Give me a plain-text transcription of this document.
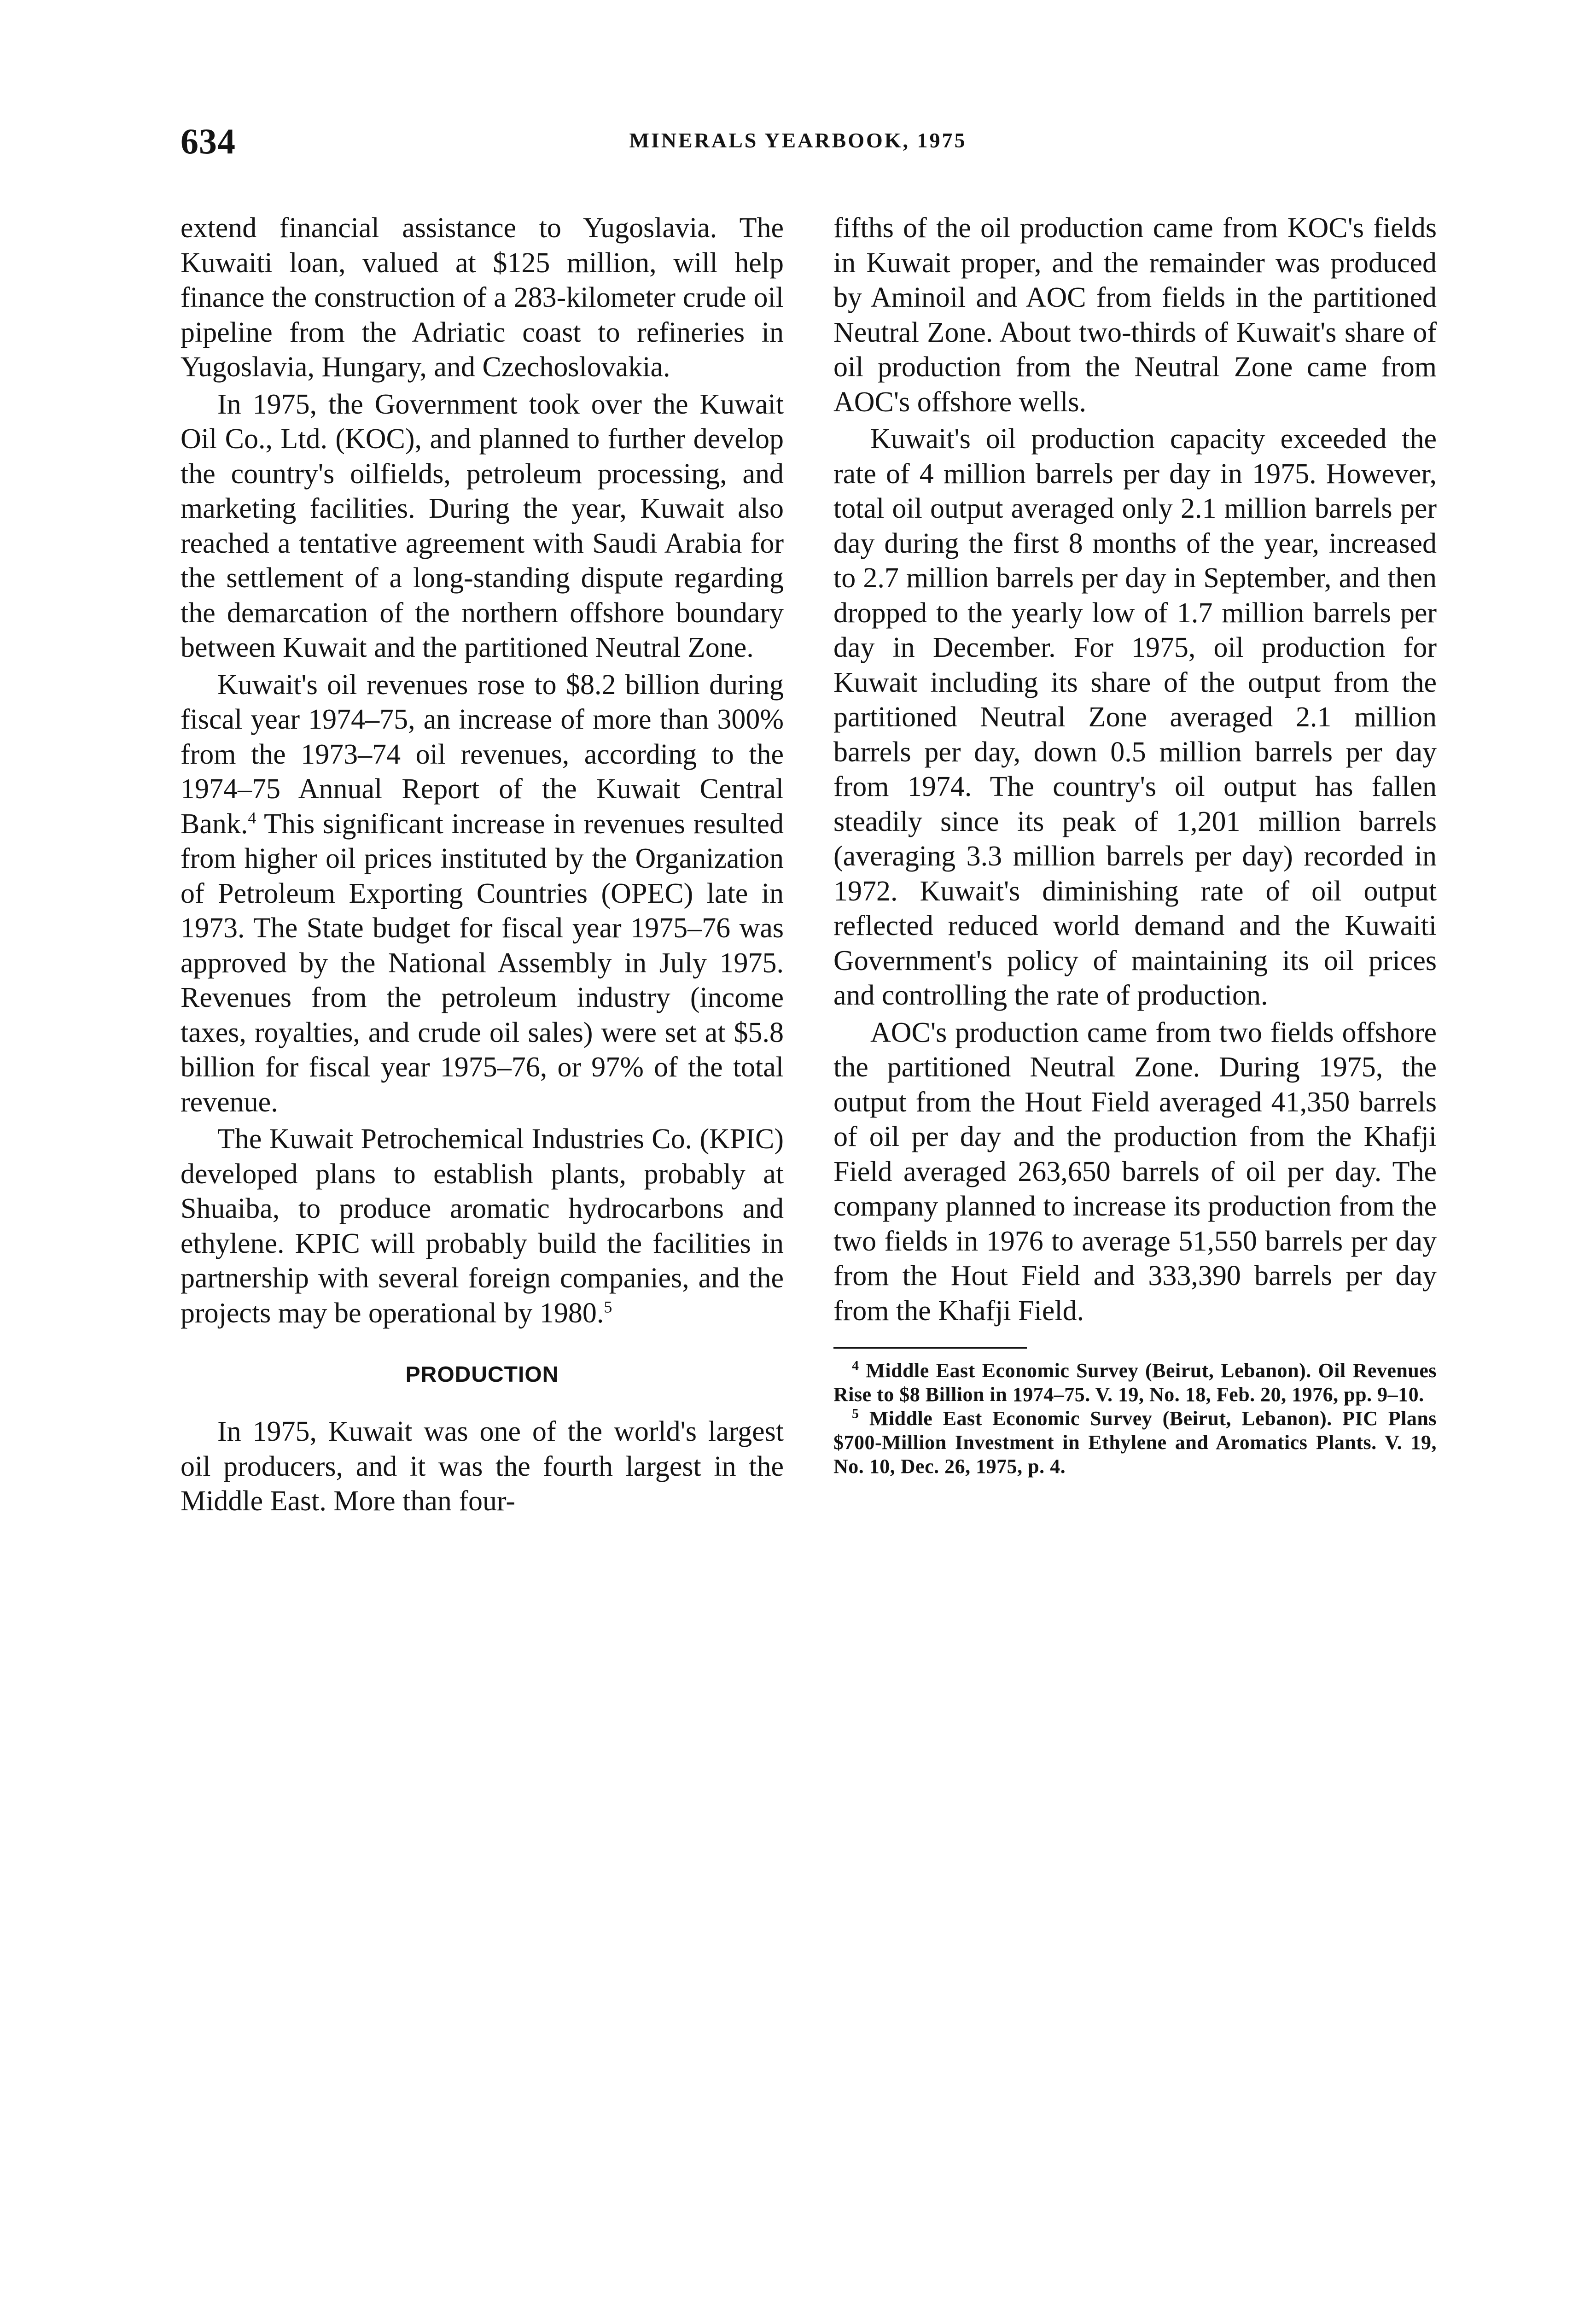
634	MINERALS YEARBOOK, 1975

extend financial assistance to Yugoslavia. The Kuwaiti loan, valued at $125 million, will help finance the construction of a 283-kilometer crude oil pipeline from the Adriatic coast to refineries in Yugoslavia, Hungary, and Czechoslovakia.

In 1975, the Government took over the Kuwait Oil Co., Ltd. (KOC), and planned to further develop the country's oilfields, petroleum processing, and marketing facilities. During the year, Kuwait also reached a tentative agreement with Saudi Arabia for the settlement of a long-standing dispute regarding the demarcation of the northern offshore boundary between Kuwait and the partitioned Neutral Zone.

Kuwait's oil revenues rose to $8.2 billion during fiscal year 1974–75, an increase of more than 300% from the 1973–74 oil revenues, according to the 1974–75 Annual Report of the Kuwait Central Bank.$^4$ This significant increase in revenues resulted from higher oil prices instituted by the Organization of Petroleum Exporting Countries (OPEC) late in 1973. The State budget for fiscal year 1975–76 was approved by the National Assembly in July 1975. Revenues from the petroleum industry (income taxes, royalties, and crude oil sales) were set at $5.8 billion for fiscal year 1975–76, or 97% of the total revenue.

The Kuwait Petrochemical Industries Co. (KPIC) developed plans to establish plants, probably at Shuaiba, to produce aromatic hydrocarbons and ethylene. KPIC will probably build the facilities in partnership with several foreign companies, and the projects may be operational by 1980.$^5$

PRODUCTION

In 1975, Kuwait was one of the world's largest oil producers, and it was the fourth largest in the Middle East. More than four-

fifths of the oil production came from KOC's fields in Kuwait proper, and the remainder was produced by Aminoil and AOC from fields in the partitioned Neutral Zone. About two-thirds of Kuwait's share of oil production from the Neutral Zone came from AOC's offshore wells.

Kuwait's oil production capacity exceeded the rate of 4 million barrels per day in 1975. However, total oil output averaged only 2.1 million barrels per day during the first 8 months of the year, increased to 2.7 million barrels per day in September, and then dropped to the yearly low of 1.7 million barrels per day in December. For 1975, oil production for Kuwait including its share of the output from the partitioned Neutral Zone averaged 2.1 million barrels per day, down 0.5 million barrels per day from 1974. The country's oil output has fallen steadily since its peak of 1,201 million barrels (averaging 3.3 million barrels per day) recorded in 1972. Kuwait's diminishing rate of oil output reflected reduced world demand and the Kuwaiti Government's policy of maintaining its oil prices and controlling the rate of production.

AOC's production came from two fields offshore the partitioned Neutral Zone. During 1975, the output from the Hout Field averaged 41,350 barrels of oil per day and the production from the Khafji Field averaged 263,650 barrels of oil per day. The company planned to increase its production from the two fields in 1976 to average 51,550 barrels per day from the Hout Field and 333,390 barrels per day from the Khafji Field.

$^4$ Middle East Economic Survey (Beirut, Lebanon). Oil Revenues Rise to $8 Billion in 1974–75. V. 19, No. 18, Feb. 20, 1976, pp. 9–10.

$^5$ Middle East Economic Survey (Beirut, Lebanon). PIC Plans $700-Million Investment in Ethylene and Aromatics Plants. V. 19, No. 10, Dec. 26, 1975, p. 4.
